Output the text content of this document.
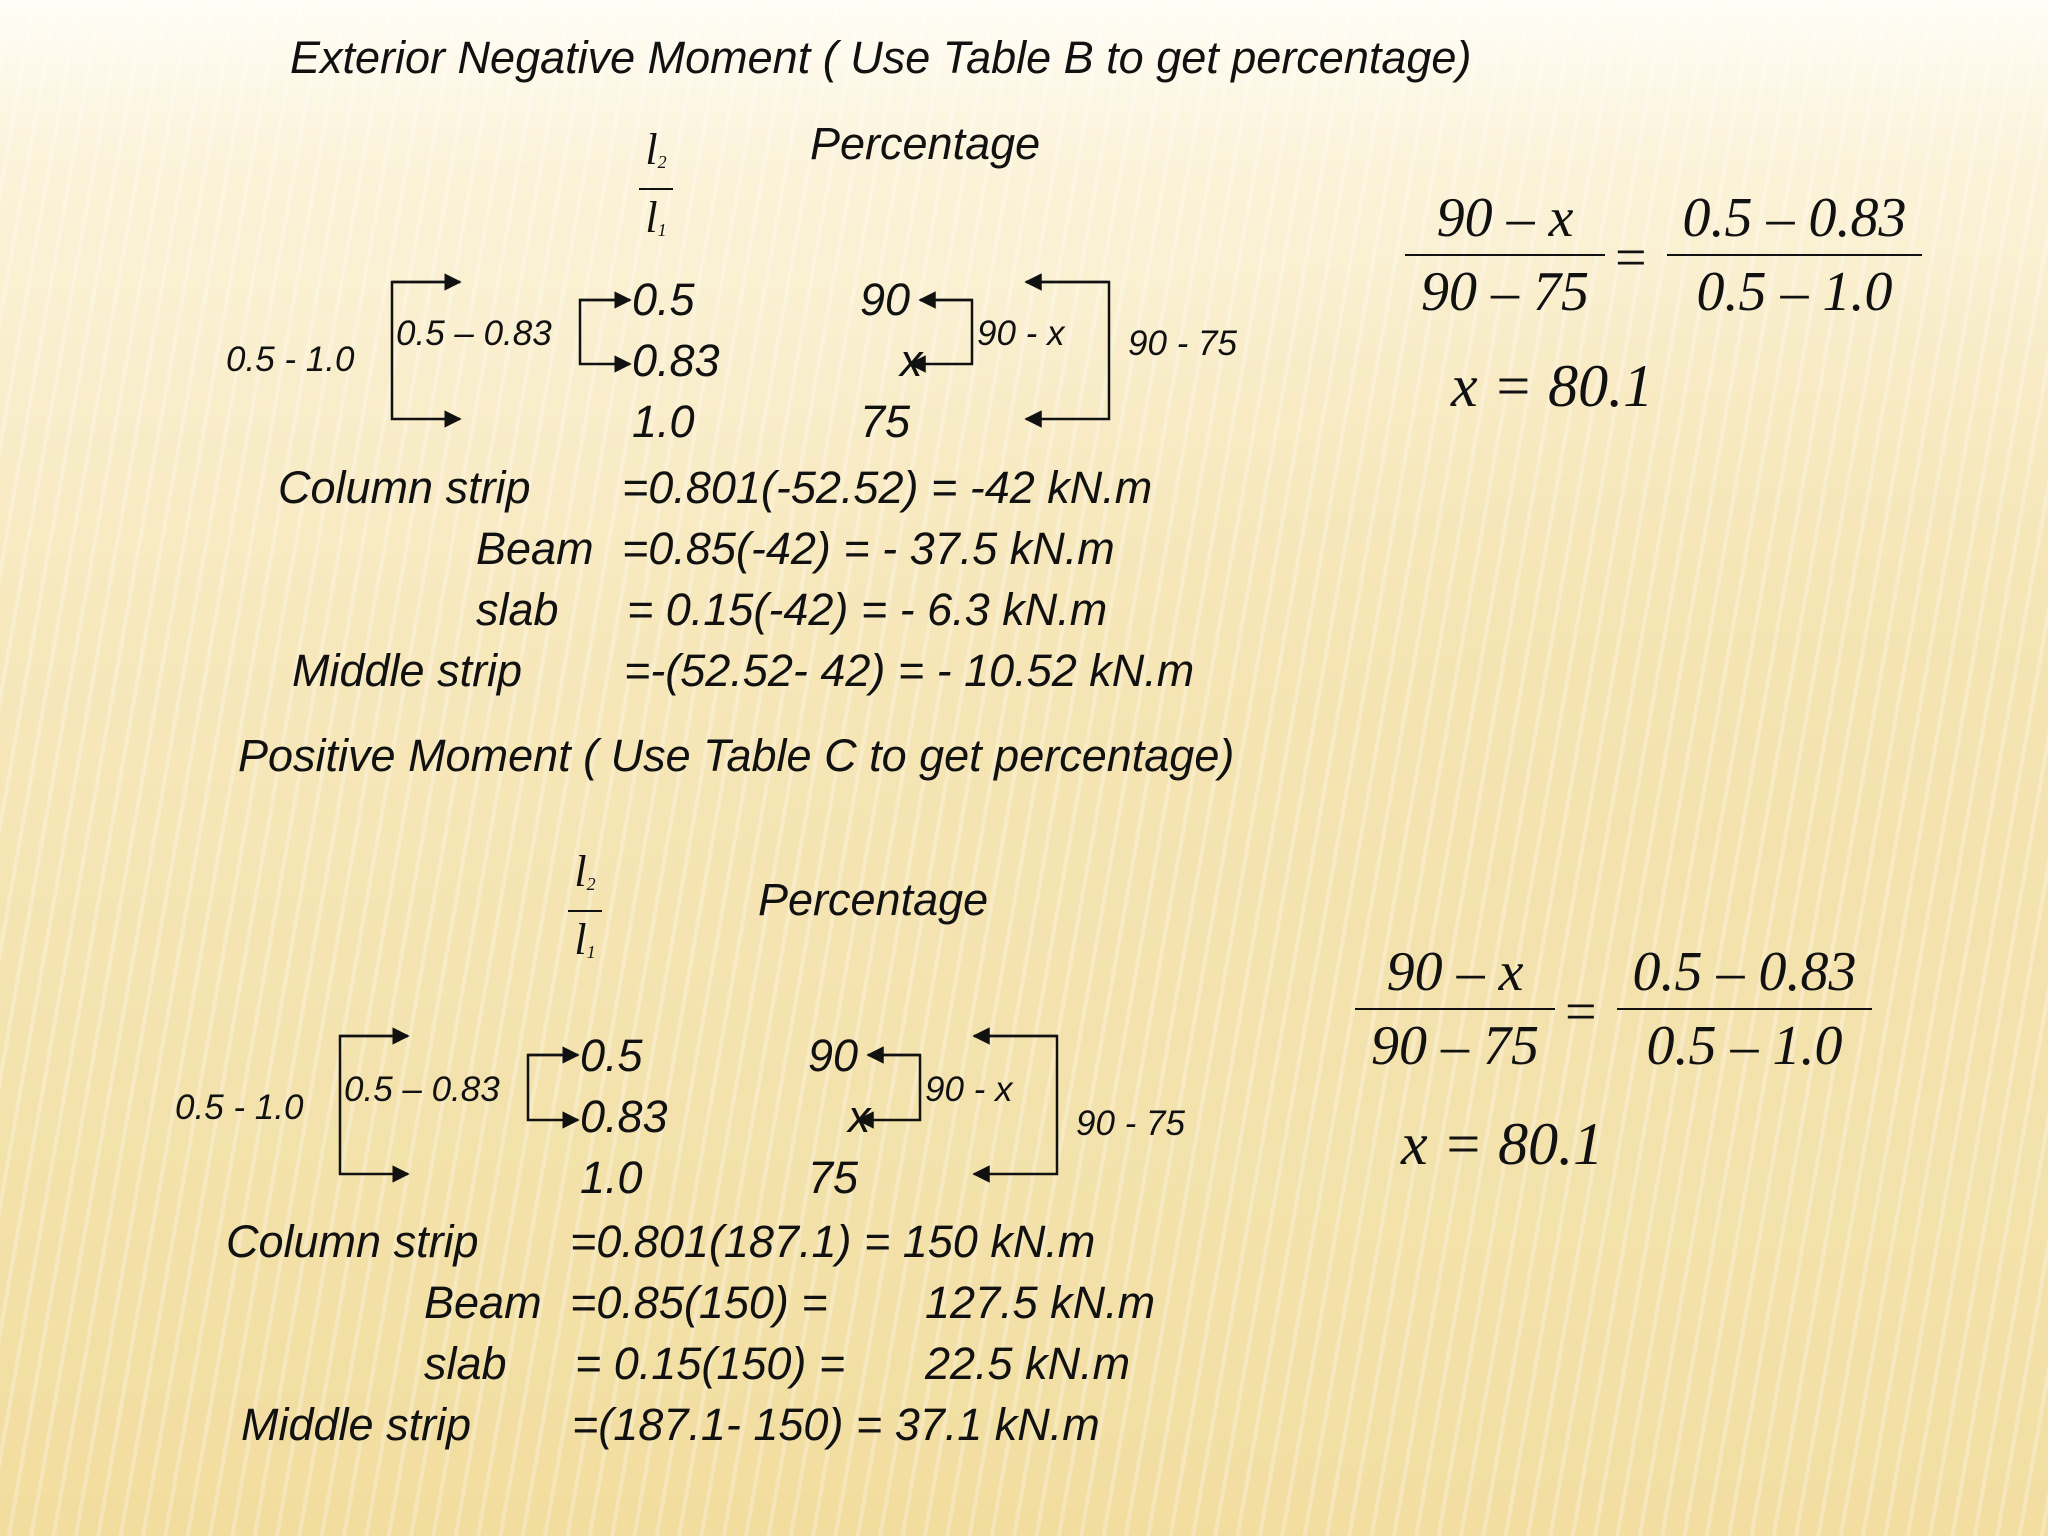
Exterior Negative Moment ( Use Table B to get percentage)
$l_2$
$l_1$
Percentage
0.5
0.83
1.0
90
x
75
0.5 - 1.0
0.5 – 0.83	90 - x 90 - 75
90 – x
90 – 75
=
0.5 – 0.83
0.5 – 1.0
x = 80.1
Column strip =0.801(-52.52) = -42 kN.m
Beam =0.85(-42) = - 37.5 kN.m
slab = 0.15(-42) = - 6.3 kN.m
Middle strip =-(52.52- 42) = - 10.52 kN.m
Positive Moment ( Use Table C to get percentage)
$l_2$
$l_1$
Percentage
0.5
0.83
1.0
90
x
75
0.5 - 1.0 0.5 – 0.83	90 - x
90 - 75
90 – x
90 – 75
=
0.5 – 0.83
0.5 – 1.0
x = 80.1
Column strip =0.801(187.1) = 150 kN.m
Beam =0.85(150) = 127.5 kN.m
slab = 0.15(150) = 22.5 kN.m
Middle strip =(187.1- 150) = 37.1 kN.m
